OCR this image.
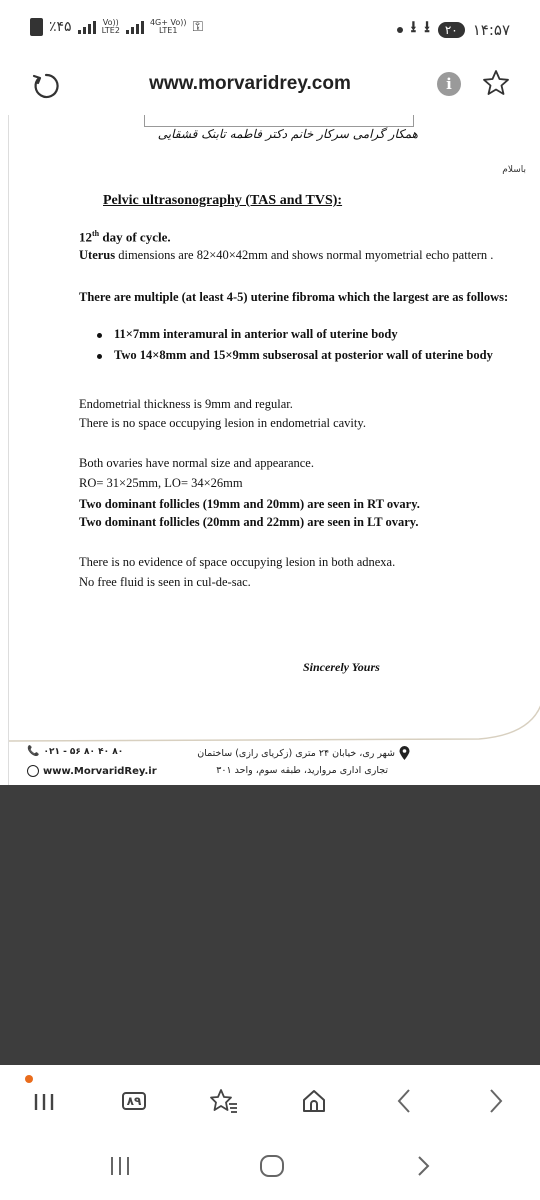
٪۴۵	Vo))
LTE2
4G+ Vo))
LTE1	⚿	⭳ ⭳	۲۰	۱۴:۵۷
www.morvaridrey.com	i
همکار گرامی سرکار خانم دکتر فاطمه تابنک قشقایی
باسلام
Pelvic ultrasonography (TAS and TVS):
12th day of cycle.
Uterus dimensions are 82×40×42mm and shows normal myometrial echo pattern .
There are multiple (at least 4-5) uterine fibroma which the largest are as follows:
11×7mm interamural in anterior wall of uterine body
Two 14×8mm and 15×9mm subserosal at posterior wall of uterine body
Endometrial thickness is 9mm and regular.
There is no space occupying lesion in endometrial cavity.
Both ovaries have normal size and appearance.
RO= 31×25mm, LO= 34×26mm
Two dominant follicles (19mm and 20mm) are seen in RT ovary.
Two dominant follicles (20mm and 22mm) are seen in LT ovary.
There is no evidence of space occupying lesion in both adnexa.
No free fluid is seen in cul-de-sac.
Sincerely Yours
📞 ۰۲۱ - ۵۶ ۸۰ ۴۰ ۸۰
www.MorvaridRey.ir
شهر ری، خیابان ۲۴ متری (زکریای رازی) ساختمان
تجاری اداری مروارید، طبقه سوم، واحد ۳۰۱
۸۹
